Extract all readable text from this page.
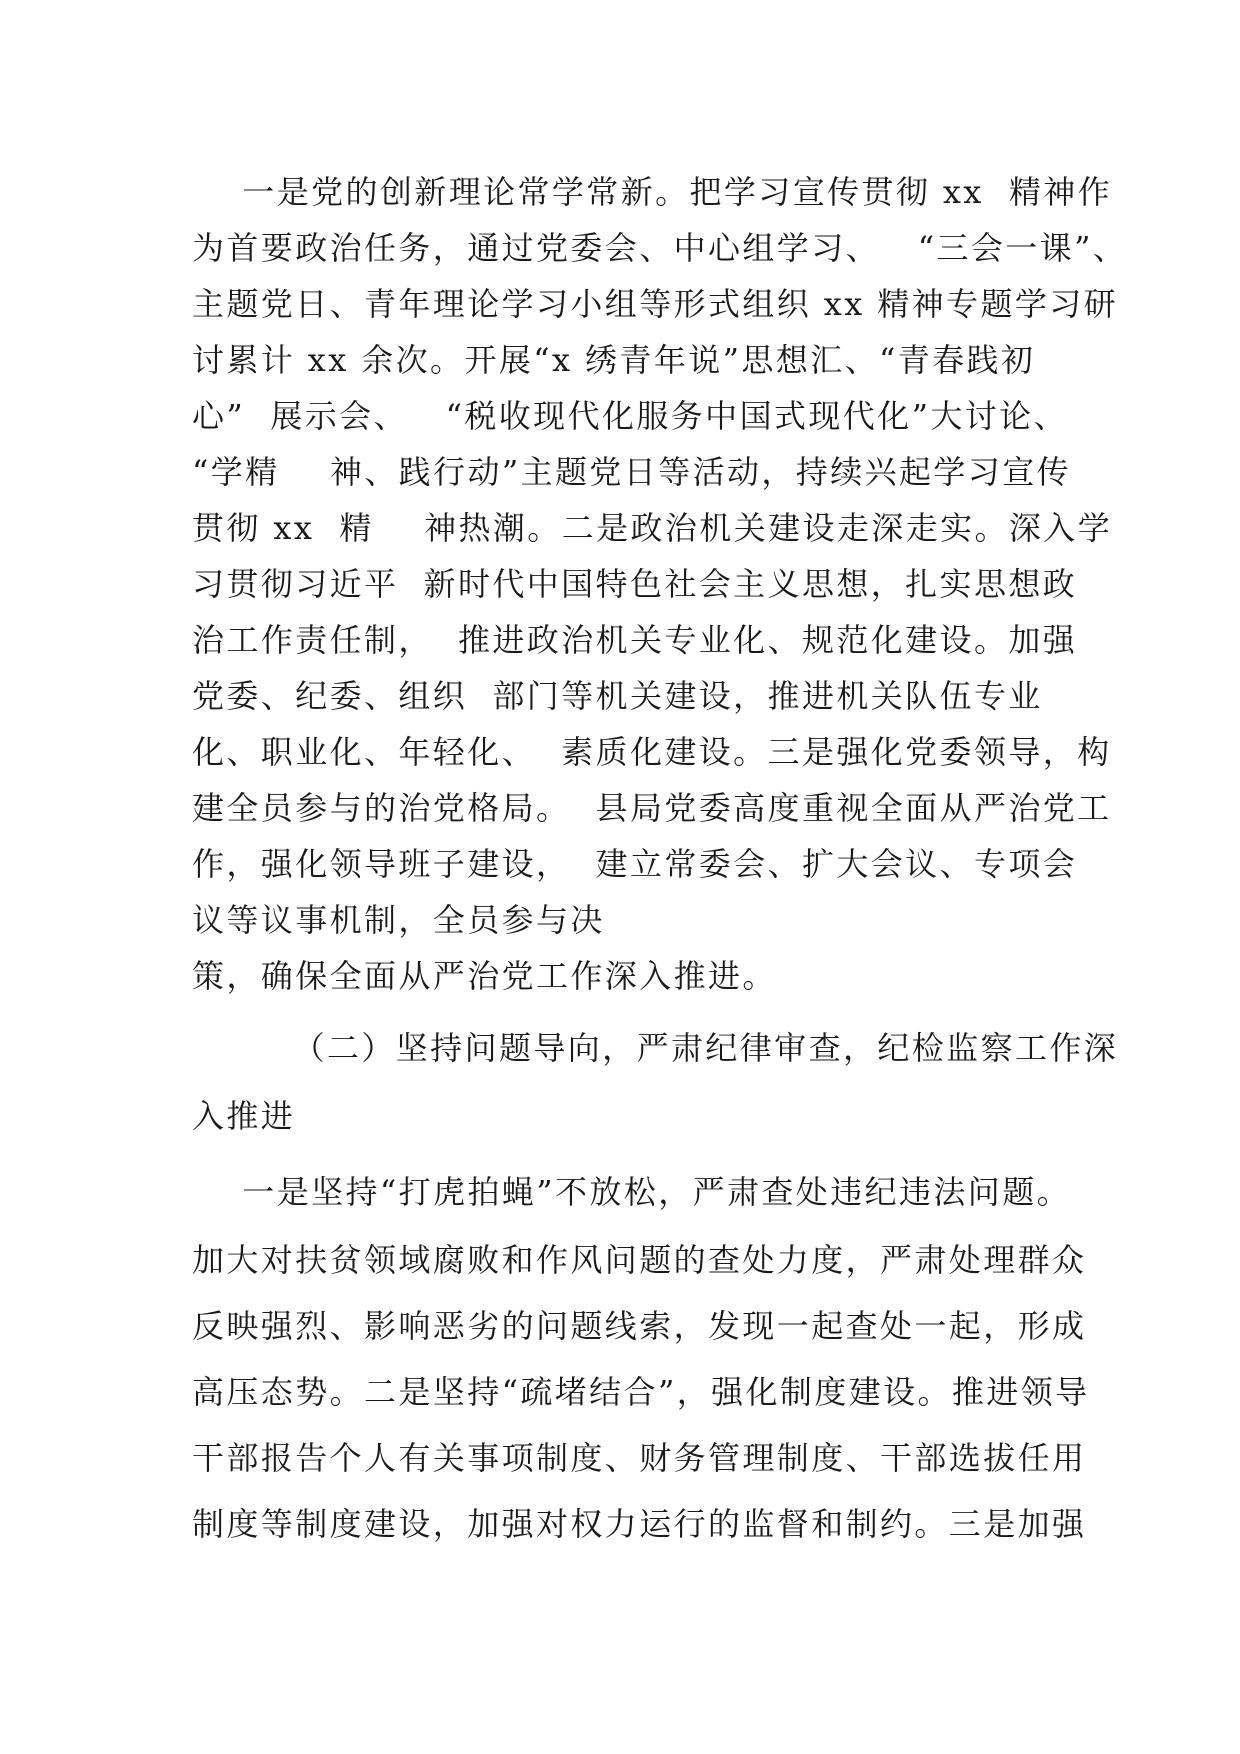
一是党的创新理论常学常新。把学习宣传贯彻 xx  精神作
为首要政治任务，通过党委会、中心组学习、   “三会一课”、
主题党日、青年理论学习小组等形式组织 xx 精神专题学习研
讨累计 xx 余次。开展“x 绣青年说”思想汇、“青春践初
心”  展示会、   “税收现代化服务中国式现代化”大讨论、
“学精    神、践行动”主题党日等活动，持续兴起学习宣传
贯彻 xx  精    神热潮。二是政治机关建设走深走实。深入学
习贯彻习近平  新时代中国特色社会主义思想，扎实思想政
治工作责任制，  推进政治机关专业化、规范化建设。加强
党委、纪委、组织  部门等机关建设，推进机关队伍专业
化、职业化、年轻化、  素质化建设。三是强化党委领导，构
建全员参与的治党格局。  县局党委高度重视全面从严治党工
作，强化领导班子建设，  建立常委会、扩大会议、专项会
议等议事机制，全员参与决
策，确保全面从严治党工作深入推进。
（二）坚持问题导向，严肃纪律审查，纪检监察工作深
入推进
一是坚持“打虎拍蝇”不放松，严肃查处违纪违法问题。
加大对扶贫领域腐败和作风问题的查处力度，严肃处理群众
反映强烈、影响恶劣的问题线索，发现一起查处一起，形成
高压态势。二是坚持“疏堵结合”，强化制度建设。推进领导
干部报告个人有关事项制度、财务管理制度、干部选拔任用
制度等制度建设，加强对权力运行的监督和制约。三是加强
